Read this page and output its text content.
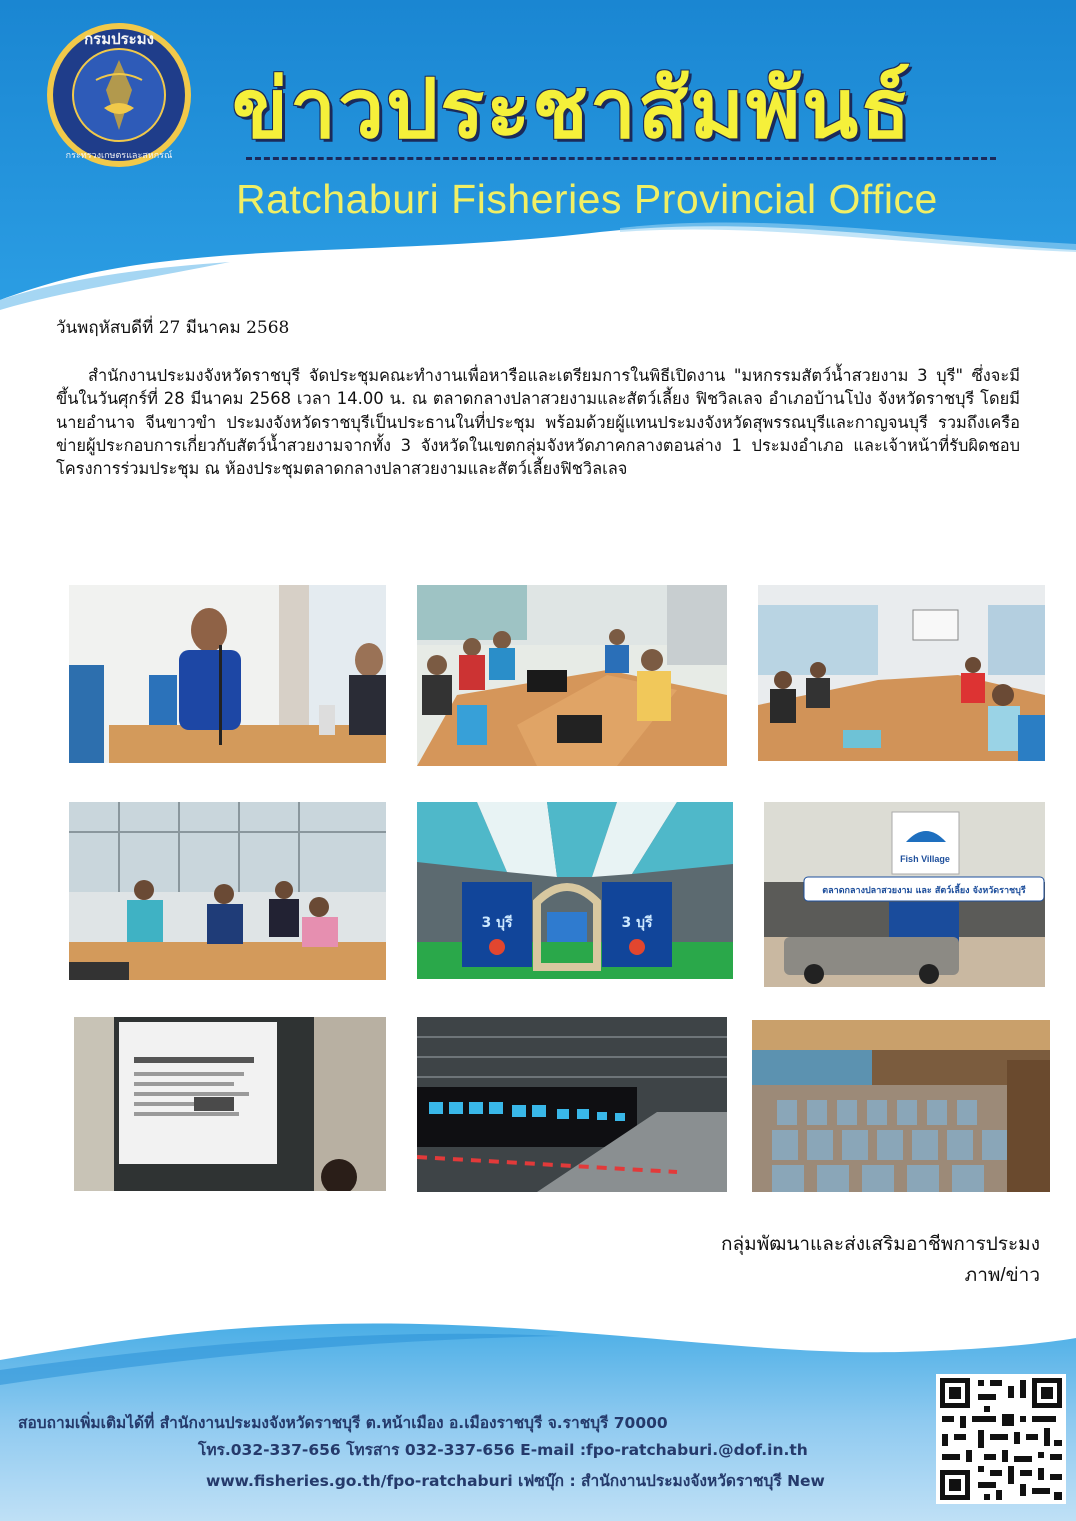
กรมประมง
กระทรวงเกษตรและสหกรณ์ ข่าวประชาสัมพันธ์
Ratchaburi Fisheries Provincial Office
วันพฤหัสบดีที่ 27 มีนาคม 2568

สำนักงานประมงจังหวัดราชบุรี จัดประชุมคณะทำงานเพื่อหารือและเตรียมการในพิธีเปิดงาน "มหกรรมสัตว์น้ำสวยงาม 3 บุรี" ซึ่งจะมีขึ้นในวันศุกร์ที่ 28 มีนาคม 2568 เวลา 14.00 น. ณ ตลาดกลางปลาสวยงามและสัตว์เลี้ยง ฟิชวิลเลจ อำเภอบ้านโป่ง จังหวัดราชบุรี โดยมีนายอำนาจ จีนขาวขำ ประมงจังหวัดราชบุรีเป็นประธานในที่ประชุม พร้อมด้วยผู้แทนประมงจังหวัดสุพรรณบุรีและกาญจนบุรี รวมถึงเครือข่ายผู้ประกอบการเกี่ยวกับสัตว์น้ำสวยงามจากทั้ง 3 จังหวัดในเขตกลุ่มจังหวัดภาคกลางตอนล่าง 1 ประมงอำเภอ และเจ้าหน้าที่รับผิดชอบโครงการร่วมประชุม ณ ห้องประชุมตลาดกลางปลาสวยงามและสัตว์เลี้ยงฟิชวิลเลจ

3 บุรี	3 บุรี
Fish Village
ตลาดกลางปลาสวยงาม และ สัตว์เลี้ยง จังหวัดราชบุรี
กลุ่มพัฒนาและส่งเสริมอาชีพการประมง
ภาพ/ข่าว
สอบถามเพิ่มเติมได้ที่ สำนักงานประมงจังหวัดราชบุรี ต.หน้าเมือง อ.เมืองราชบุรี จ.ราชบุรี 70000
โทร.032-337-656 โทรสาร 032-337-656 E-mail :fpo-ratchaburi.@dof.in.th
www.fisheries.go.th/fpo-ratchaburi เฟซบุ๊ก : สำนักงานประมงจังหวัดราชบุรี New
